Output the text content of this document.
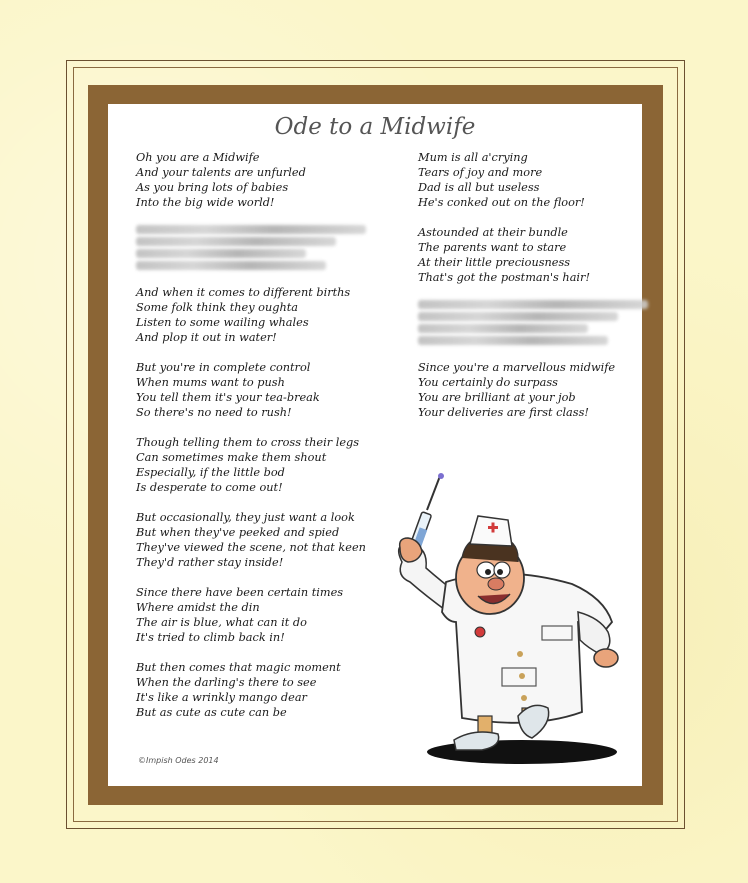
Ode to a Midwife
Oh you are a Midwife
And your talents are unfurled
As you bring lots of babies
Into the big wide world!
And when it comes to different births
Some folk think they oughta
Listen to some wailing whales
And plop it out in water!
But you're in complete control
When mums want to push
You tell them it's your tea-break
So there's no need to rush!
Though telling them to cross their legs
Can sometimes make them shout
Especially, if the little bod
Is desperate to come out!
But occasionally, they just want a look
But when they've peeked and spied
They've viewed the scene, not that keen
They'd rather stay inside!
Since there have been certain times
Where amidst the din
The air is blue, what can it do
It's tried to climb back in!
But then comes that magic moment
When the darling's there to see
It's like a wrinkly mango dear
But as cute as cute can be
Mum is all a'crying
Tears of joy and more
Dad is all but useless
He's conked out on the floor!
Astounded at their bundle
The parents want to stare
At their little preciousness
That's got the postman's hair!
Since you're a marvellous midwife
You certainly do surpass
You are brilliant at your job
Your deliveries are first class!
©Impish Odes 2014
